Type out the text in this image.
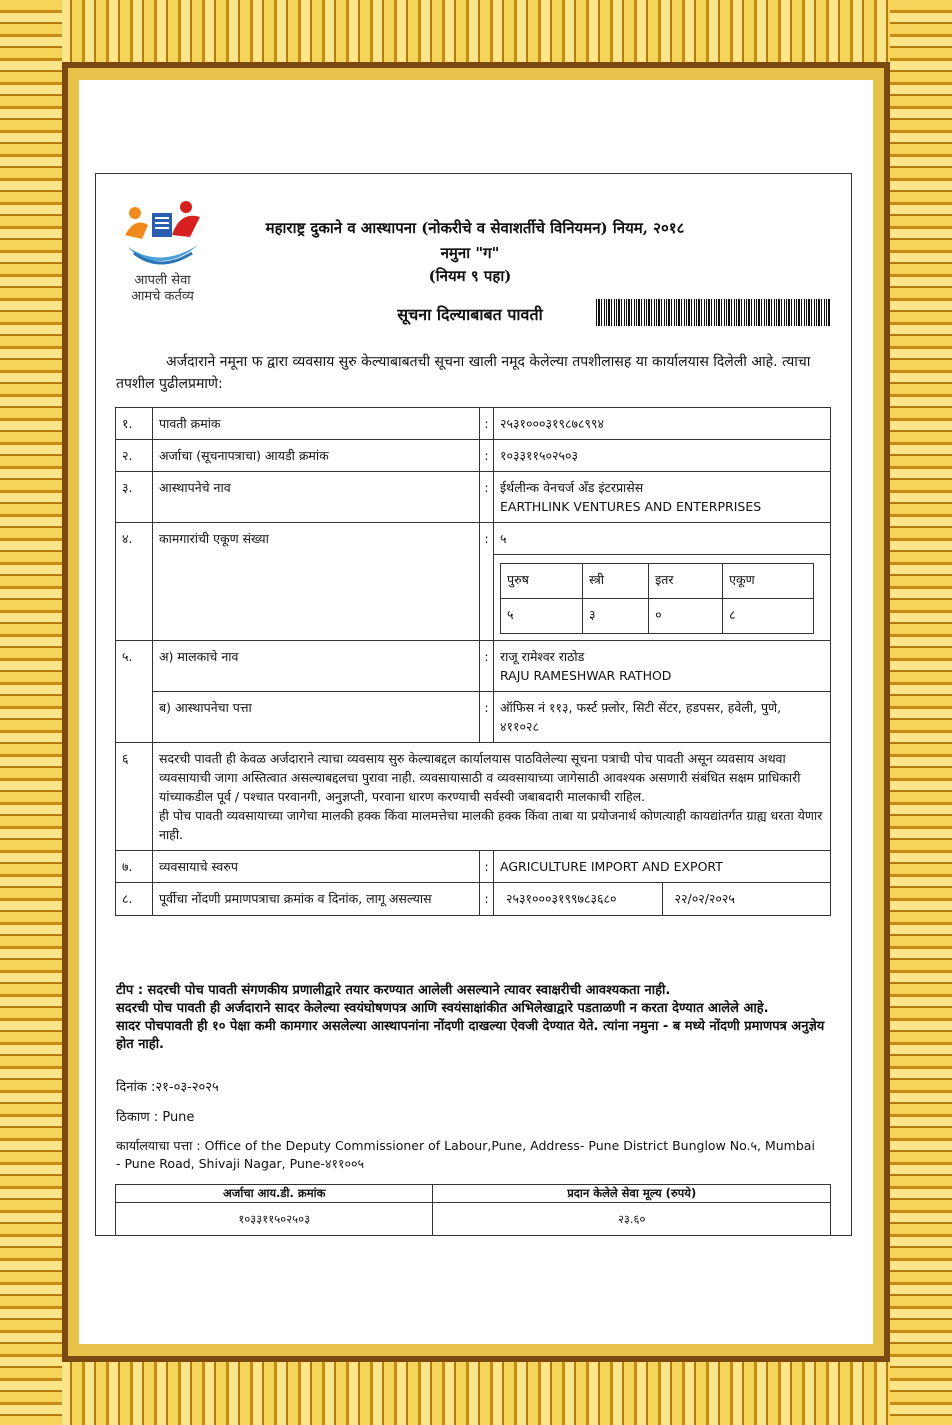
आपली सेवा आमचे कर्तव्य
महाराष्ट्र दुकाने व आस्थापना (नोकरीचे व सेवाशर्तीचे विनियमन) नियम, २०१८
नमुना "ग"
(नियम ९ पहा)
सूचना दिल्याबाबत पावती
अर्जदाराने नमूना फ द्वारा व्यवसाय सुरु केल्याबाबतची सूचना खाली नमूद केलेल्या तपशीलासह या कार्यालयास दिलेली आहे. त्याचा तपशील पुढीलप्रमाणे:
१.	पावती क्रमांक	:	२५३१०००३१९८७८९९४
२.	अर्जाचा (सूचनापत्राचा) आयडी क्रमांक	:	१०३३११५०२५०३
३.	आस्थापनेचे नाव	:	ईर्थलीन्क वेनचर्ज अँड इंटरप्रासेस
EARTHLINK VENTURES AND ENTERPRISES

४.	कामगारांची एकूण संख्या	:	५

पुरुष	स्त्री	इतर	एकूण
५	३	०	८

५.	अ) मालकाचे नाव	:	राजू रामेश्वर राठोड
RAJU RAMESHWAR RATHOD

ब) आस्थापनेचा पत्ता	:	ऑफिस नं ११३, फर्स्ट फ़्लोर, सिटी सेंटर, हडपसर, हवेली, पुणे, ४११०२८
६	सदरची पावती ही केवळ अर्जदाराने त्याचा व्यवसाय सुरु केल्याबद्दल कार्यालयास पाठविलेल्या सूचना पत्राची पोच पावती असून व्यवसाय अथवा व्यवसायाची जागा अस्तित्वात असल्याबद्दलचा पुरावा नाही. व्यवसायासाठी व व्यवसायाच्या जागेसाठी आवश्यक असणारी संबंधित सक्षम प्राधिकारी यांच्याकडील पूर्व / पश्चात परवानगी, अनुज्ञप्ती, परवाना धारण करण्याची सर्वस्वी जबाबदारी मालकाची राहिल.
ही पोच पावती व्यवसायाच्या जागेचा मालकी हक्क किंवा मालमत्तेचा मालकी हक्क किंवा ताबा या प्रयोजनार्थ कोणत्याही कायद्यांतर्गत ग्राह्य धरता येणार नाही.

७.	व्यवसायाचे स्वरुप	:	AGRICULTURE IMPORT AND EXPORT
८.	पूर्वीचा नोंदणी प्रमाणपत्राचा क्रमांक व दिनांक, लागू असल्यास	:	२५३१०००३१९९७८३६८०	२२/०२/२०२५
टीप : सदरची पोच पावती संगणकीय प्रणालीद्वारे तयार करण्यात आलेली असल्याने त्यावर स्वाक्षरीची आवश्यकता नाही.
सदरची पोच पावती ही अर्जदाराने सादर केलेल्या स्वयंघोषणपत्र आणि स्वयंसाक्षांकीत अभिलेखाद्वारे पडताळणी न करता देण्यात आलेले आहे.
सादर पोचपावती ही १० पेक्षा कमी कामगार असलेल्या आस्थापनांना नोंदणी दाखल्या ऐवजी देण्यात येते. त्यांना नमुना - ब मध्ये नोंदणी प्रमाणपत्र अनुज्ञेय होत नाही.
दिनांक :२१-०३-२०२५
ठिकाण : Pune
कार्यालयाचा पत्ता : Office of the Deputy Commissioner of Labour,Pune, Address- Pune District Bunglow No.५, Mumbai - Pune Road, Shivaji Nagar, Pune-४११००५
अर्जाचा आय.डी. क्रमांक	प्रदान केलेले सेवा मूल्य (रुपये)
१०३३११५०२५०३	२३.६०
